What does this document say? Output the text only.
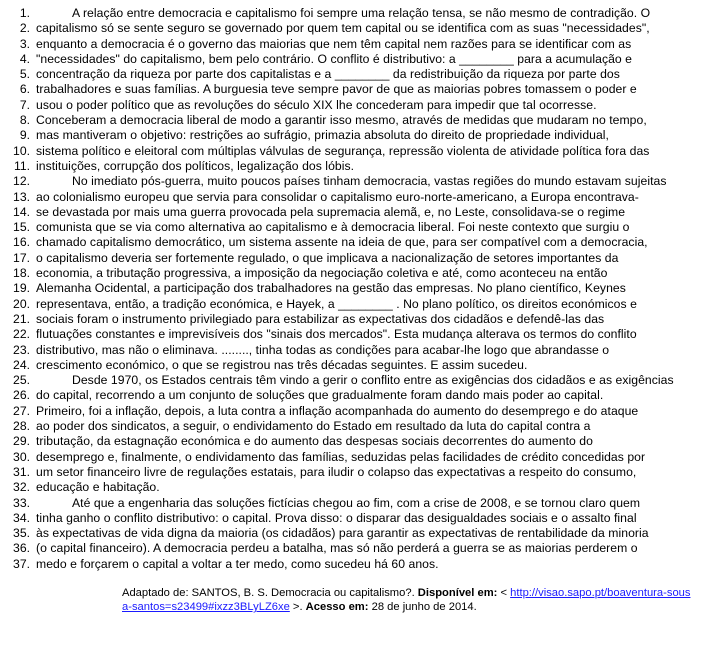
1.	A relação entre democracia e capitalismo foi sempre uma relação tensa, se não mesmo de contradição. O
2. capitalismo só se sente seguro se governado por quem tem capital ou se identifica com as suas "necessidades",
3. enquanto a democracia é o governo das maiorias que nem têm capital nem razões para se identificar com as
4. "necessidades" do capitalismo, bem pelo contrário. O conflito é distributivo: a ________ para a acumulação e
5. concentração da riqueza por parte dos capitalistas e a ________ da redistribuição da riqueza por parte dos
6. trabalhadores e suas famílias. A burguesia teve sempre pavor de que as maiorias pobres tomassem o poder e
7. usou o poder político que as revoluções do século XIX lhe concederam para impedir que tal ocorresse.
8. Conceberam a democracia liberal de modo a garantir isso mesmo, através de medidas que mudaram no tempo,
9. mas mantiveram o objetivo: restrições ao sufrágio, primazia absoluta do direito de propriedade individual,
10. sistema político e eleitoral com múltiplas válvulas de segurança, repressão violenta de atividade política fora das
11. instituições, corrupção dos políticos, legalização dos lóbis.
12.	No imediato pós-guerra, muito poucos países tinham democracia, vastas regiões do mundo estavam sujeitas
13. ao colonialismo europeu que servia para consolidar o capitalismo euro-norte-americano, a Europa encontrava-
14. se devastada por mais uma guerra provocada pela supremacia alemã, e, no Leste, consolidava-se o regime
15. comunista que se via como alternativa ao capitalismo e à democracia liberal. Foi neste contexto que surgiu o
16. chamado capitalismo democrático, um sistema assente na ideia de que, para ser compatível com a democracia,
17. o capitalismo deveria ser fortemente regulado, o que implicava a nacionalização de setores importantes da
18. economia, a tributação progressiva, a imposição da negociação coletiva e até, como aconteceu na então
19. Alemanha Ocidental, a participação dos trabalhadores na gestão das empresas. No plano científico, Keynes
20. representava, então, a tradição económica, e Hayek, a ________ . No plano político, os direitos económicos e
21. sociais foram o instrumento privilegiado para estabilizar as expectativas dos cidadãos e defendê-las das
22. flutuações constantes e imprevisíveis dos "sinais dos mercados". Esta mudança alterava os termos do conflito
23. distributivo, mas não o eliminava. ........, tinha todas as condições para acabar-lhe logo que abrandasse o
24. crescimento económico, o que se registrou nas três décadas seguintes. E assim sucedeu.
25.	Desde 1970, os Estados centrais têm vindo a gerir o conflito entre as exigências dos cidadãos e as exigências
26. do capital, recorrendo a um conjunto de soluções que gradualmente foram dando mais poder ao capital.
27. Primeiro, foi a inflação, depois, a luta contra a inflação acompanhada do aumento do desemprego e do ataque
28. ao poder dos sindicatos, a seguir, o endividamento do Estado em resultado da luta do capital contra a
29. tributação, da estagnação económica e do aumento das despesas sociais decorrentes do aumento do
30. desemprego e, finalmente, o endividamento das famílias, seduzidas pelas facilidades de crédito concedidas por
31. um setor financeiro livre de regulações estatais, para iludir o colapso das expectativas a respeito do consumo,
32. educação e habitação.
33.	Até que a engenharia das soluções fictícias chegou ao fim, com a crise de 2008, e se tornou claro quem
34. tinha ganho o conflito distributivo: o capital. Prova disso: o disparar das desigualdades sociais e o assalto final
35. às expectativas de vida digna da maioria (os cidadãos) para garantir as expectativas de rentabilidade da minoria
36. (o capital financeiro). A democracia perdeu a batalha, mas só não perderá a guerra se as maiorias perderem o
37. medo e forçarem o capital a voltar a ter medo, como sucedeu há 60 anos.
Adaptado de: SANTOS, B. S. Democracia ou capitalismo?. Disponível em: < http://visao.sapo.pt/boaventura-sousa-santos=s23499#ixzz3BLyLZ6xe >. Acesso em: 28 de junho de 2014.
